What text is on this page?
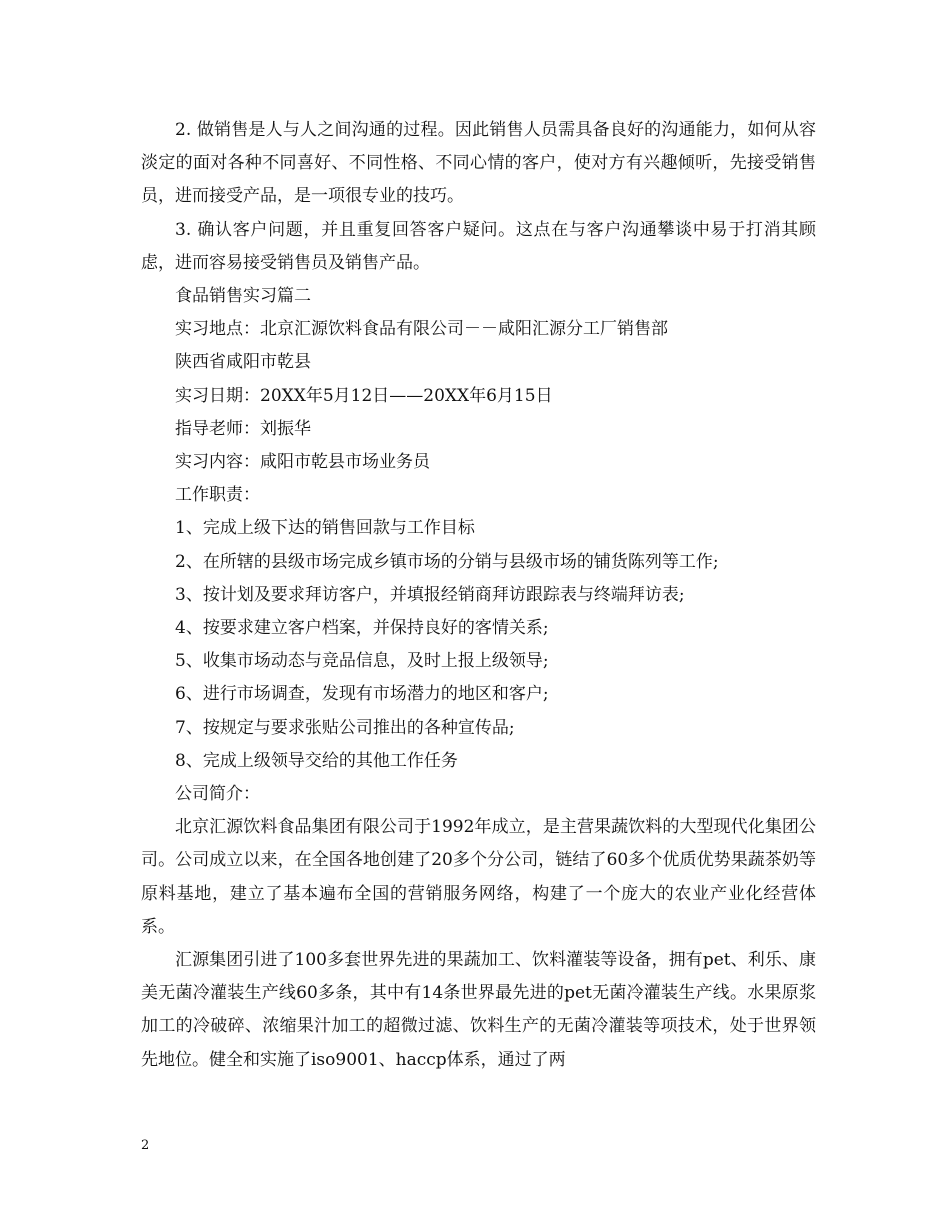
2. 做销售是人与人之间沟通的过程。因此销售人员需具备良好的沟通能力，如何从容淡定的面对各种不同喜好、不同性格、不同心情的客户，使对方有兴趣倾听，先接受销售员，进而接受产品，是一项很专业的技巧。

3. 确认客户问题，并且重复回答客户疑问。这点在与客户沟通攀谈中易于打消其顾虑，进而容易接受销售员及销售产品。

食品销售实习篇二

实习地点：北京汇源饮料食品有限公司－－咸阳汇源分工厂销售部

陕西省咸阳市乾县

实习日期：20XX年5月12日——20XX年6月15日

指导老师：刘振华

实习内容：咸阳市乾县市场业务员

工作职责：

1、完成上级下达的销售回款与工作目标

2、在所辖的县级市场完成乡镇市场的分销与县级市场的铺货陈列等工作;

3、按计划及要求拜访客户，并填报经销商拜访跟踪表与终端拜访表;

4、按要求建立客户档案，并保持良好的客情关系;

5、收集市场动态与竞品信息，及时上报上级领导;

6、进行市场调查，发现有市场潜力的地区和客户;

7、按规定与要求张贴公司推出的各种宣传品;

8、完成上级领导交给的其他工作任务

公司简介：

北京汇源饮料食品集团有限公司于1992年成立，是主营果蔬饮料的大型现代化集团公司。公司成立以来，在全国各地创建了20多个分公司，链结了60多个优质优势果蔬茶奶等原料基地，建立了基本遍布全国的营销服务网络，构建了一个庞大的农业产业化经营体系。

汇源集团引进了100多套世界先进的果蔬加工、饮料灌装等设备，拥有pet、利乐、康美无菌冷灌装生产线60多条，其中有14条世界最先进的pet无菌冷灌装生产线。水果原浆加工的冷破碎、浓缩果汁加工的超微过滤、饮料生产的无菌冷灌装等项技术，处于世界领先地位。健全和实施了iso9001、haccp体系，通过了两

2
